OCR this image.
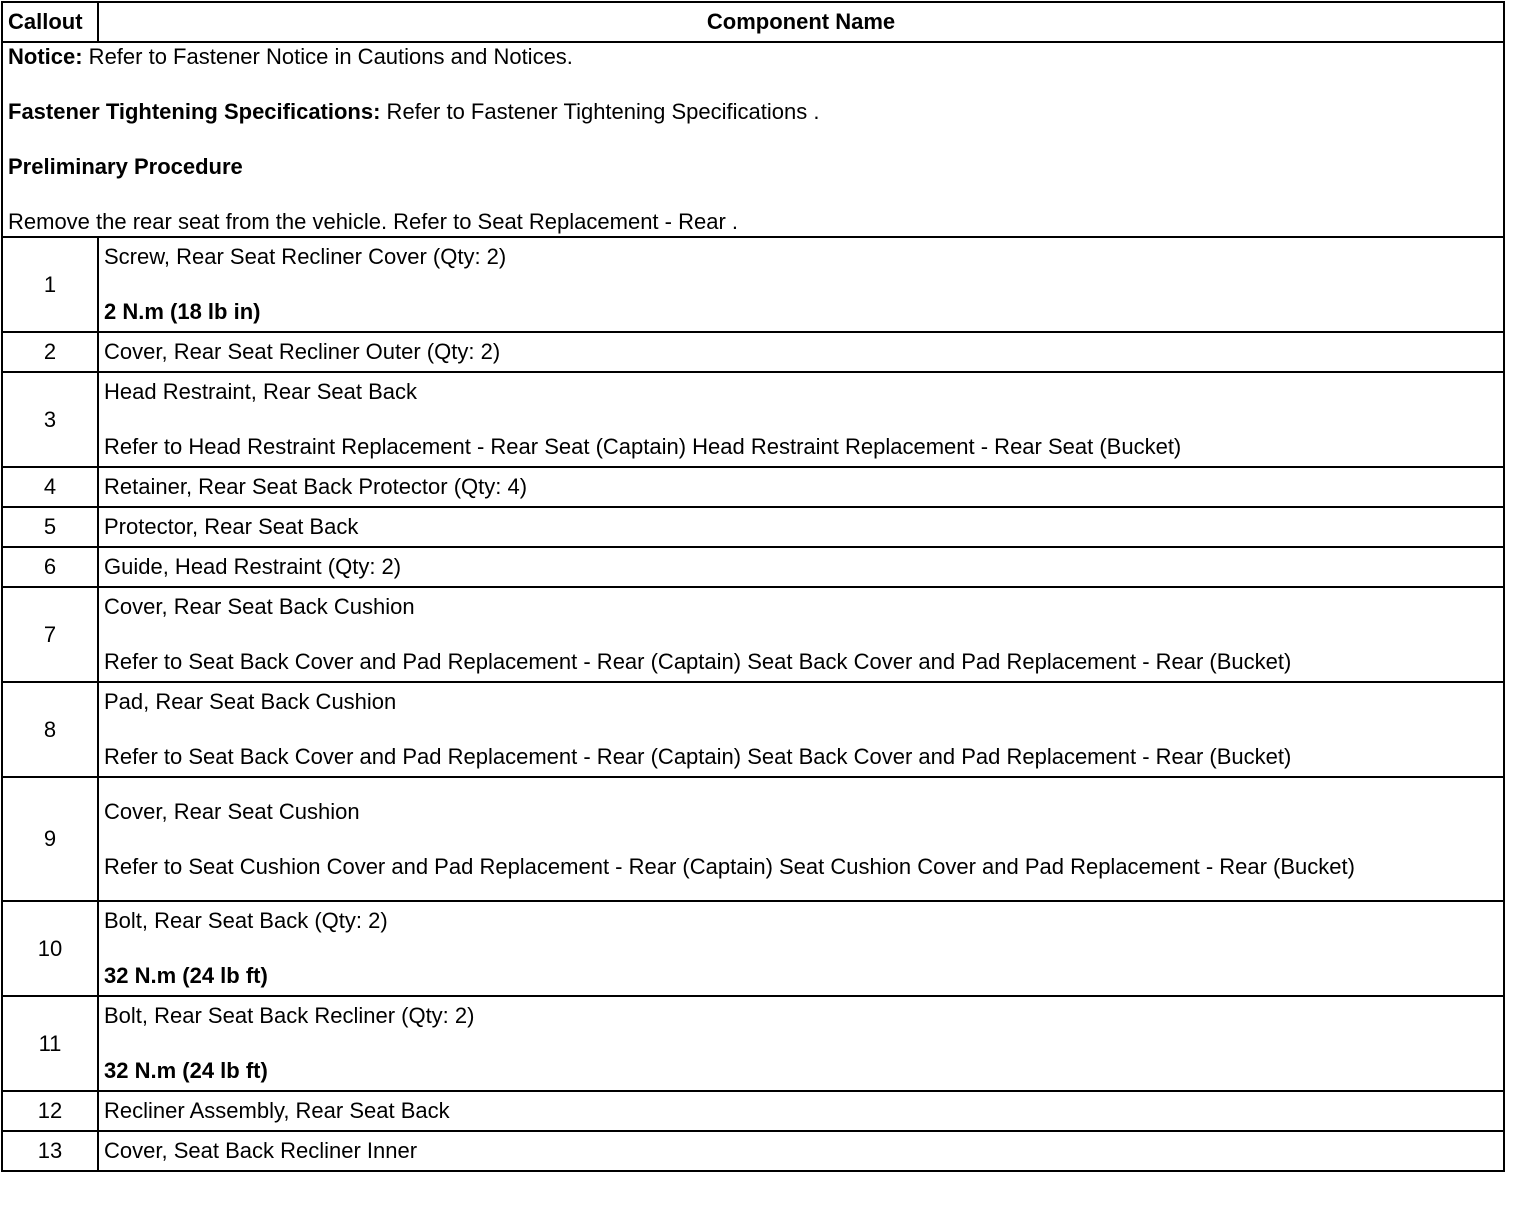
Callout	Component Name

Notice: Refer to Fastener Notice in Cautions and Notices.

Fastener Tightening Specifications: Refer to Fastener Tightening Specifications .

Preliminary Procedure

Remove the rear seat from the vehicle. Refer to Seat Replacement - Rear .	

1	Screw, Rear Seat Recliner Cover (Qty: 2)
2 N.m (18 lb in)

2	Cover, Rear Seat Recliner Outer (Qty: 2)
3	Head Restraint, Rear Seat Back
Refer to Head Restraint Replacement - Rear Seat (Captain) Head Restraint Replacement - Rear Seat (Bucket)

4	Retainer, Rear Seat Back Protector (Qty: 4)
5	Protector, Rear Seat Back
6	Guide, Head Restraint (Qty: 2)
7	Cover, Rear Seat Back Cushion
Refer to Seat Back Cover and Pad Replacement - Rear (Captain) Seat Back Cover and Pad Replacement - Rear (Bucket)

8	Pad, Rear Seat Back Cushion
Refer to Seat Back Cover and Pad Replacement - Rear (Captain) Seat Back Cover and Pad Replacement - Rear (Bucket)

9	Cover, Rear Seat Cushion
Refer to Seat Cushion Cover and Pad Replacement - Rear (Captain) Seat Cushion Cover and Pad Replacement - Rear (Bucket)

10	Bolt, Rear Seat Back (Qty: 2)
32 N.m (24 lb ft)

11	Bolt, Rear Seat Back Recliner (Qty: 2)
32 N.m (24 lb ft)

12	Recliner Assembly, Rear Seat Back
13	Cover, Seat Back Recliner Inner
